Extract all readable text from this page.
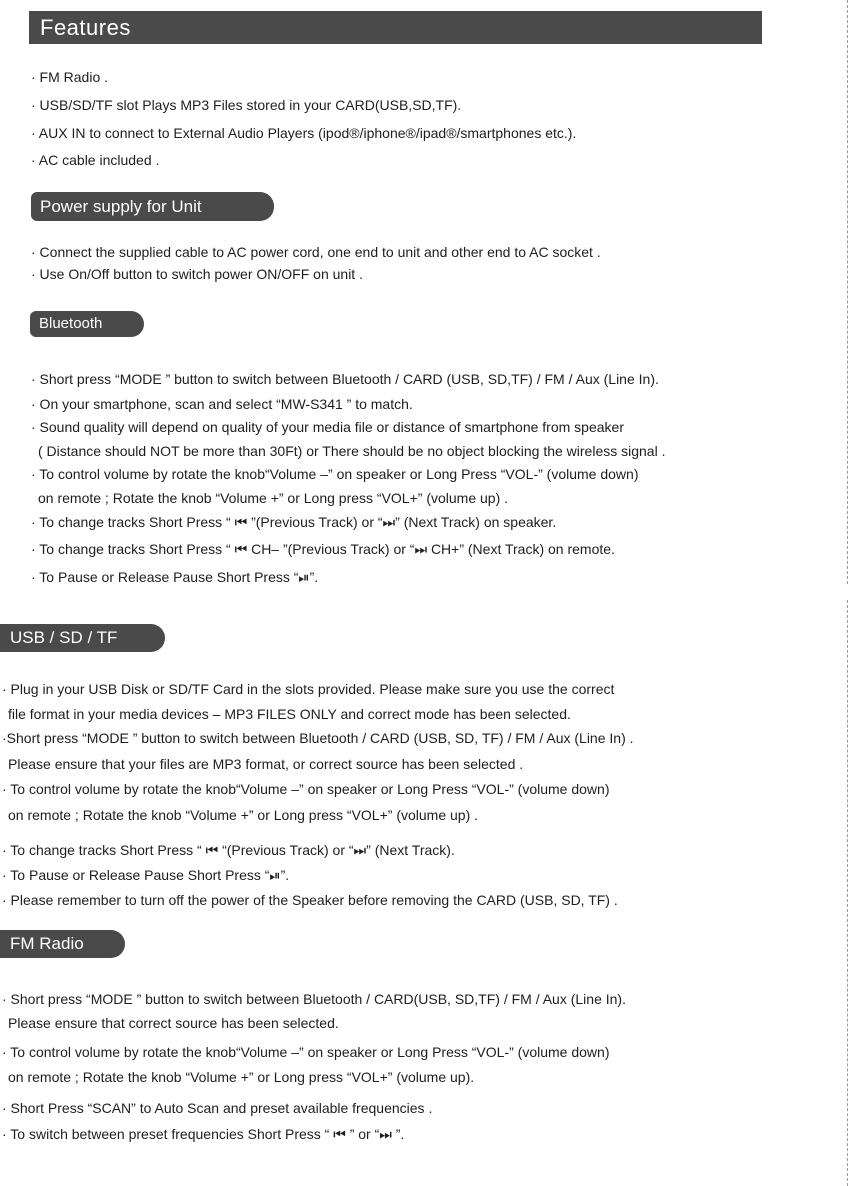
Features
· FM Radio .
· USB/SD/TF slot Plays MP3 Files stored in your CARD(USB,SD,TF).
· AUX IN to connect to External Audio Players (ipod®/iphone®/ipad®/smartphones etc.).
· AC cable included .
Power supply for Unit
· Connect the supplied cable to AC power cord, one end to unit and other end to AC socket .
· Use On/Off button to switch power ON/OFF on unit .
Bluetooth
· Short press “MODE ” button to switch between Bluetooth / CARD (USB, SD,TF) / FM / Aux (Line In).
· On your smartphone, scan and select “MW-S341 ” to match.
· Sound quality will depend on quality of your media file or distance of smartphone from speaker
( Distance should NOT be more than 30Ft) or There should be no object blocking the wireless signal .
· To control volume by rotate the knob“Volume –” on speaker or Long Press “VOL-” (volume down)
on remote ; Rotate the knob “Volume +” or Long press “VOL+” (volume up) .
· To change tracks Short Press “ ⏮ ”(Previous Track) or “⏭” (Next Track) on speaker.
· To change tracks Short Press “ ⏮ CH– ”(Previous Track) or “⏭ CH+” (Next Track) on remote.
· To Pause or Release Pause Short Press “⏯”.
USB / SD / TF
· Plug in your USB Disk or SD/TF Card in the slots provided. Please make sure you use the correct
file format in your media devices – MP3 FILES ONLY and correct mode has been selected.
·Short press “MODE ” button to switch between Bluetooth / CARD (USB, SD, TF) / FM / Aux (Line In) .
Please ensure that your files are MP3 format, or correct source has been selected .
· To control volume by rotate the knob“Volume –” on speaker or Long Press “VOL-” (volume down)
on remote ; Rotate the knob “Volume +” or Long press “VOL+” (volume up) .
· To change tracks Short Press “ ⏮ “(Previous Track) or “⏭” (Next Track).
· To Pause or Release Pause Short Press “⏯”.
· Please remember to turn off the power of the Speaker before removing the CARD (USB, SD, TF) .
FM Radio
· Short press “MODE ” button to switch between Bluetooth / CARD(USB, SD,TF) / FM / Aux (Line In).
Please ensure that correct source has been selected.
· To control volume by rotate the knob“Volume –” on speaker or Long Press “VOL-” (volume down)
on remote ; Rotate the knob “Volume +” or Long press “VOL+” (volume up).
· Short Press “SCAN” to Auto Scan and preset available frequencies .
· To switch between preset frequencies Short Press “ ⏮ ” or “⏭ ”.
